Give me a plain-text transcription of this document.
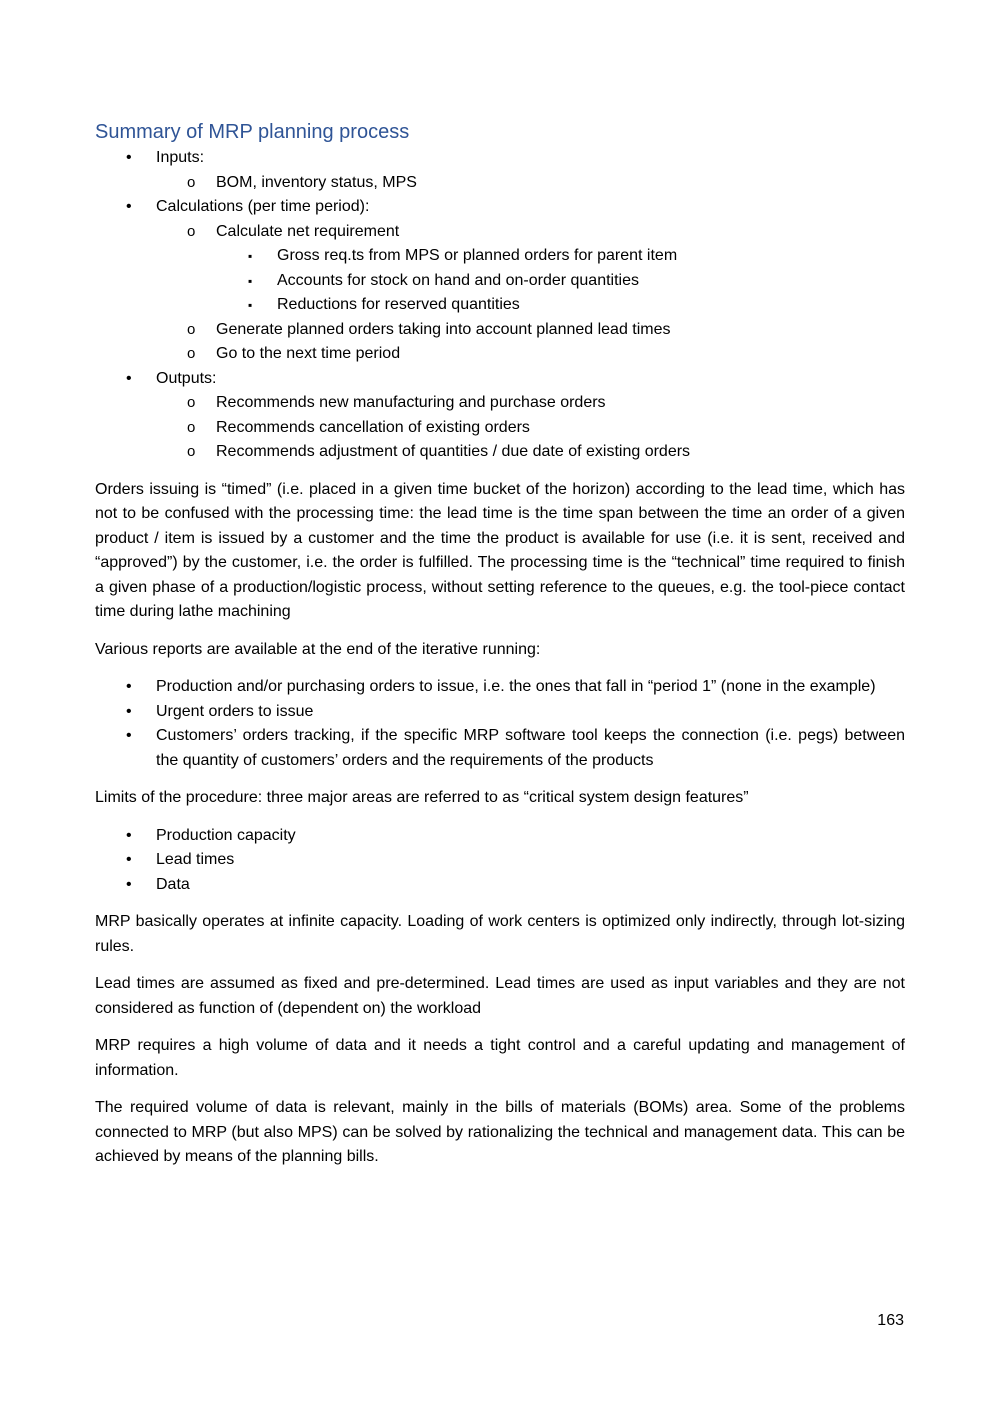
Summary of MRP planning process
• Inputs:
o BOM, inventory status, MPS
• Calculations (per time period):
o Calculate net requirement
▪ Gross req.ts from MPS or planned orders for parent item
▪ Accounts for stock on hand and on-order quantities
▪ Reductions for reserved quantities
o Generate planned orders taking into account planned lead times
o Go to the next time period
• Outputs:
o Recommends new manufacturing and purchase orders
o Recommends cancellation of existing orders
o Recommends adjustment of quantities / due date of existing orders

Orders issuing is “timed” (i.e. placed in a given time bucket of the horizon) according to the lead time, which has not to be confused with the processing time: the lead time is the time span between the time an order of a given product / item is issued by a customer and the time the product is available for use (i.e. it is sent, received and “approved”) by the customer, i.e. the order is fulfilled. The processing time is the “technical” time required to finish a given phase of a production/logistic process, without setting reference to the queues, e.g. the tool-piece contact time during lathe machining

Various reports are available at the end of the iterative running:

• Production and/or purchasing orders to issue, i.e. the ones that fall in “period 1” (none in the example)
• Urgent orders to issue
• Customers’ orders tracking, if the specific MRP software tool keeps the connection (i.e. pegs) between the quantity of customers’ orders and the requirements of the products

Limits of the procedure: three major areas are referred to as “critical system design features”

• Production capacity
• Lead times
• Data

MRP basically operates at infinite capacity. Loading of work centers is optimized only indirectly, through lot-sizing rules.

Lead times are assumed as fixed and pre-determined. Lead times are used as input variables and they are not considered as function of (dependent on) the workload

MRP requires a high volume of data and it needs a tight control and a careful updating and management of information.

The required volume of data is relevant, mainly in the bills of materials (BOMs) area. Some of the problems connected to MRP (but also MPS) can be solved by rationalizing the technical and management data. This can be achieved by means of the planning bills.

163
